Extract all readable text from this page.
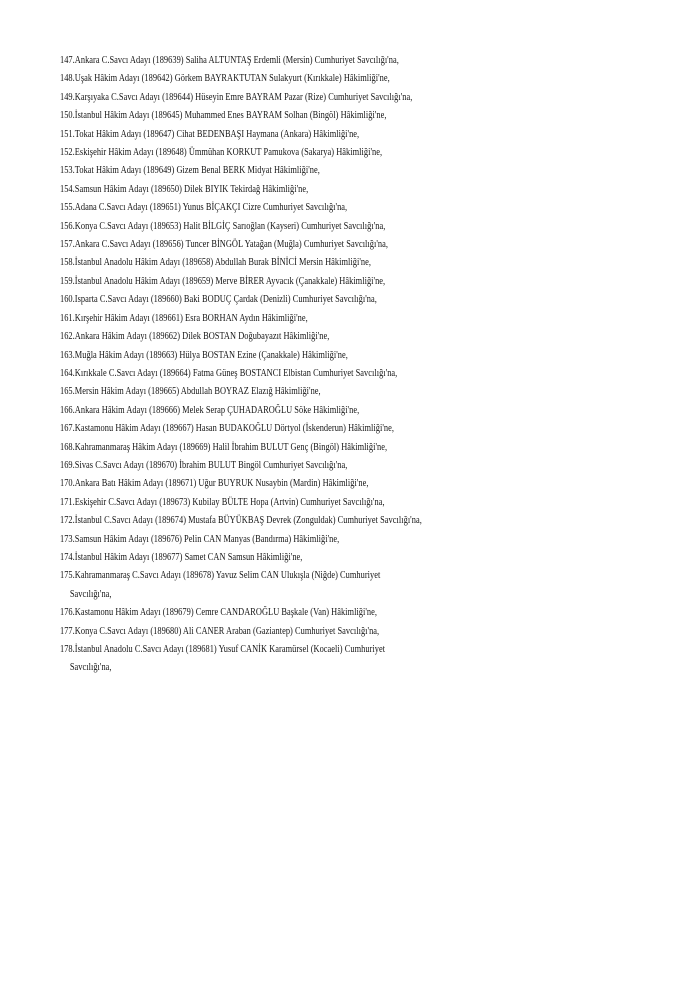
147.Ankara C.Savcı Adayı (189639) Saliha ALTUNTAŞ Erdemli (Mersin) Cumhuriyet Savcılığı'na,
148.Uşak Hâkim Adayı (189642) Görkem BAYRAKTUTAN Sulakyurt (Kırıkkale) Hâkimliği'ne,
149.Karşıyaka C.Savcı Adayı (189644) Hüseyin Emre BAYRAM Pazar (Rize) Cumhuriyet Savcılığı'na,
150.İstanbul Hâkim Adayı (189645) Muhammed Enes BAYRAM Solhan (Bingöl) Hâkimliği'ne,
151.Tokat Hâkim Adayı (189647) Cihat BEDENBAŞI Haymana (Ankara) Hâkimliği'ne,
152.Eskişehir Hâkim Adayı (189648) Ümmühan KORKUT Pamukova (Sakarya) Hâkimliği'ne,
153.Tokat Hâkim Adayı (189649) Gizem Benal BERK Midyat Hâkimliği'ne,
154.Samsun Hâkim Adayı (189650) Dilek BIYIK Tekirdağ Hâkimliği'ne,
155.Adana C.Savcı Adayı (189651) Yunus BİÇAKÇI Cizre Cumhuriyet Savcılığı'na,
156.Konya C.Savcı Adayı (189653) Halit BİLGİÇ Sarıoğlan (Kayseri) Cumhuriyet Savcılığı'na,
157.Ankara C.Savcı Adayı (189656) Tuncer BİNGÖL Yatağan (Muğla) Cumhuriyet Savcılığı'na,
158.İstanbul Anadolu Hâkim Adayı (189658) Abdullah Burak BİNİCİ Mersin Hâkimliği'ne,
159.İstanbul Anadolu Hâkim Adayı (189659) Merve BİRER Ayvacık (Çanakkale) Hâkimliği'ne,
160.Isparta C.Savcı Adayı (189660) Baki BODUÇ Çardak (Denizli) Cumhuriyet Savcılığı'na,
161.Kırşehir Hâkim Adayı (189661) Esra BORHAN Aydın Hâkimliği'ne,
162.Ankara Hâkim Adayı (189662) Dilek BOSTAN Doğubayazıt Hâkimliği'ne,
163.Muğla Hâkim Adayı (189663) Hülya BOSTAN Ezine (Çanakkale) Hâkimliği'ne,
164.Kırıkkale C.Savcı Adayı (189664) Fatma Güneş BOSTANCI Elbistan Cumhuriyet Savcılığı'na,
165.Mersin Hâkim Adayı (189665) Abdullah BOYRAZ Elazığ Hâkimliği'ne,
166.Ankara Hâkim Adayı (189666) Melek Serap ÇUHADAROĞLU Söke Hâkimliği'ne,
167.Kastamonu Hâkim Adayı (189667) Hasan BUDAKOĞLU Dörtyol (İskenderun) Hâkimliği'ne,
168.Kahramanmaraş Hâkim Adayı (189669) Halil İbrahim BULUT Genç (Bingöl) Hâkimliği'ne,
169.Sivas C.Savcı Adayı (189670) İbrahim BULUT Bingöl Cumhuriyet Savcılığı'na,
170.Ankara Batı Hâkim Adayı (189671) Uğur BUYRUK Nusaybin (Mardin) Hâkimliği'ne,
171.Eskişehir C.Savcı Adayı (189673) Kubilay BÜLTE Hopa (Artvin) Cumhuriyet Savcılığı'na,
172.İstanbul C.Savcı Adayı (189674) Mustafa BÜYÜKBAŞ Devrek (Zonguldak) Cumhuriyet Savcılığı'na,
173.Samsun Hâkim Adayı (189676) Pelin CAN Manyas (Bandırma) Hâkimliği'ne,
174.İstanbul Hâkim Adayı (189677) Samet CAN Samsun Hâkimliği'ne,
175.Kahramanmaraş C.Savcı Adayı (189678) Yavuz Selim CAN Ulukışla (Niğde) Cumhuriyet
Savcılığı'na,
176.Kastamonu Hâkim Adayı (189679) Cemre CANDAROĞLU Başkale (Van) Hâkimliği'ne,
177.Konya C.Savcı Adayı (189680) Ali CANER Araban (Gaziantep) Cumhuriyet Savcılığı'na,
178.İstanbul Anadolu C.Savcı Adayı (189681) Yusuf CANİK Karamürsel (Kocaeli) Cumhuriyet
Savcılığı'na,
